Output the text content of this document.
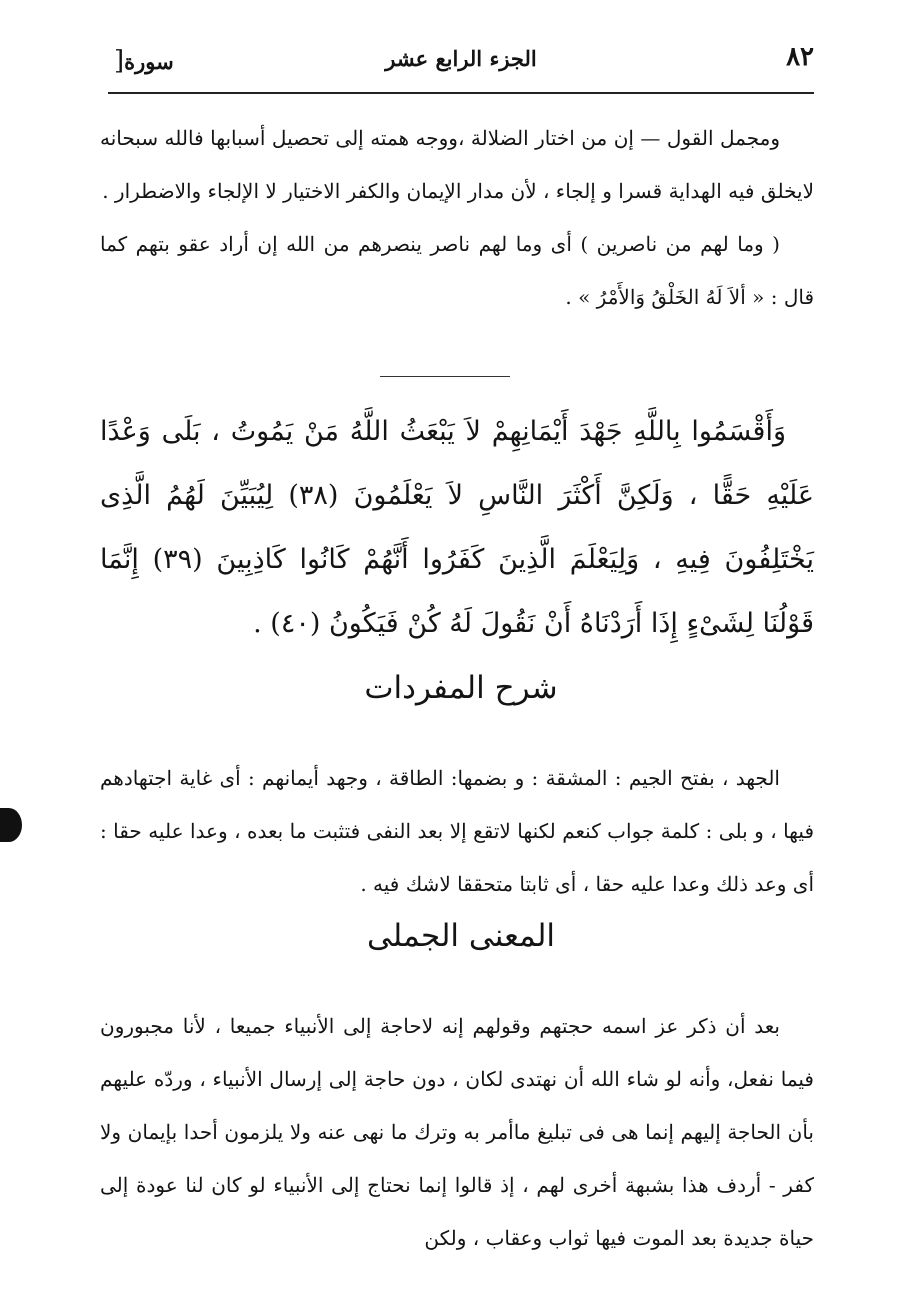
٨٢
الجزء الرابع عشر
سورة[

ومجمل القول — إن من اختار الضلالة ،ووجه همته إلى تحصيل أسبابها فالله سبحانه لايخلق فيه الهداية قسرا و إلجاء ، لأن مدار الإيمان والكفر الاختيار لا الإلجاء والاضطرار .

( وما لهم من ناصرين ) أى وما لهم ناصر ينصرهم من الله إن أراد عقو بتهم كما قال : « ألاَ لَهُ الخَلْقُ وَالأَمْرُ » .

وَأَقْسَمُوا بِاللَّهِ جَهْدَ أَيْمَانِهِمْ لاَ يَبْعَثُ اللَّهُ مَنْ يَمُوتُ ، بَلَى وَعْدًا عَلَيْهِ حَقًّا ، وَلَكِنَّ أَكْثَرَ النَّاسِ لاَ يَعْلَمُونَ (٣٨) لِيُبَيِّنَ لَهُمُ الَّذِى يَخْتَلِفُونَ فِيهِ ، وَلِيَعْلَمَ الَّذِينَ كَفَرُوا أَنَّهُمْ كَانُوا كَاذِبِينَ (٣٩) إِنَّمَا قَوْلُنَا لِشَىْءٍ إِذَا أَرَدْنَاهُ أَنْ نَقُولَ لَهُ كُنْ فَيَكُونُ (٤٠) .

شرح المفردات

الجهد ، بفتح الجيم : المشقة : و بضمها: الطاقة ، وجهد أيمانهم : أى غاية اجتهادهم فيها ، و بلى : كلمة جواب كنعم لكنها لاتقع إلا بعد النفى فتثبت ما بعده ، وعدا عليه حقا : أى وعد ذلك وعدا عليه حقا ، أى ثابتا متحققا لاشك فيه .

المعنى الجملى

بعد أن ذكر عز اسمه حجتهم وقولهم إنه لاحاجة إلى الأنبياء جميعا ، لأنا مجبورون فيما نفعل، وأنه لو شاء الله أن نهتدى لكان ، دون حاجة إلى إرسال الأنبياء ، وردّه عليهم بأن الحاجة إليهم إنما هى فى تبليغ ماأمر به وترك ما نهى عنه ولا يلزمون أحدا بإيمان ولا كفر - أردف هذا بشبهة أخرى لهم ، إذ قالوا إنما نحتاج إلى الأنبياء لو كان لنا عودة إلى حياة جديدة بعد الموت فيها ثواب وعقاب ، ولكن
